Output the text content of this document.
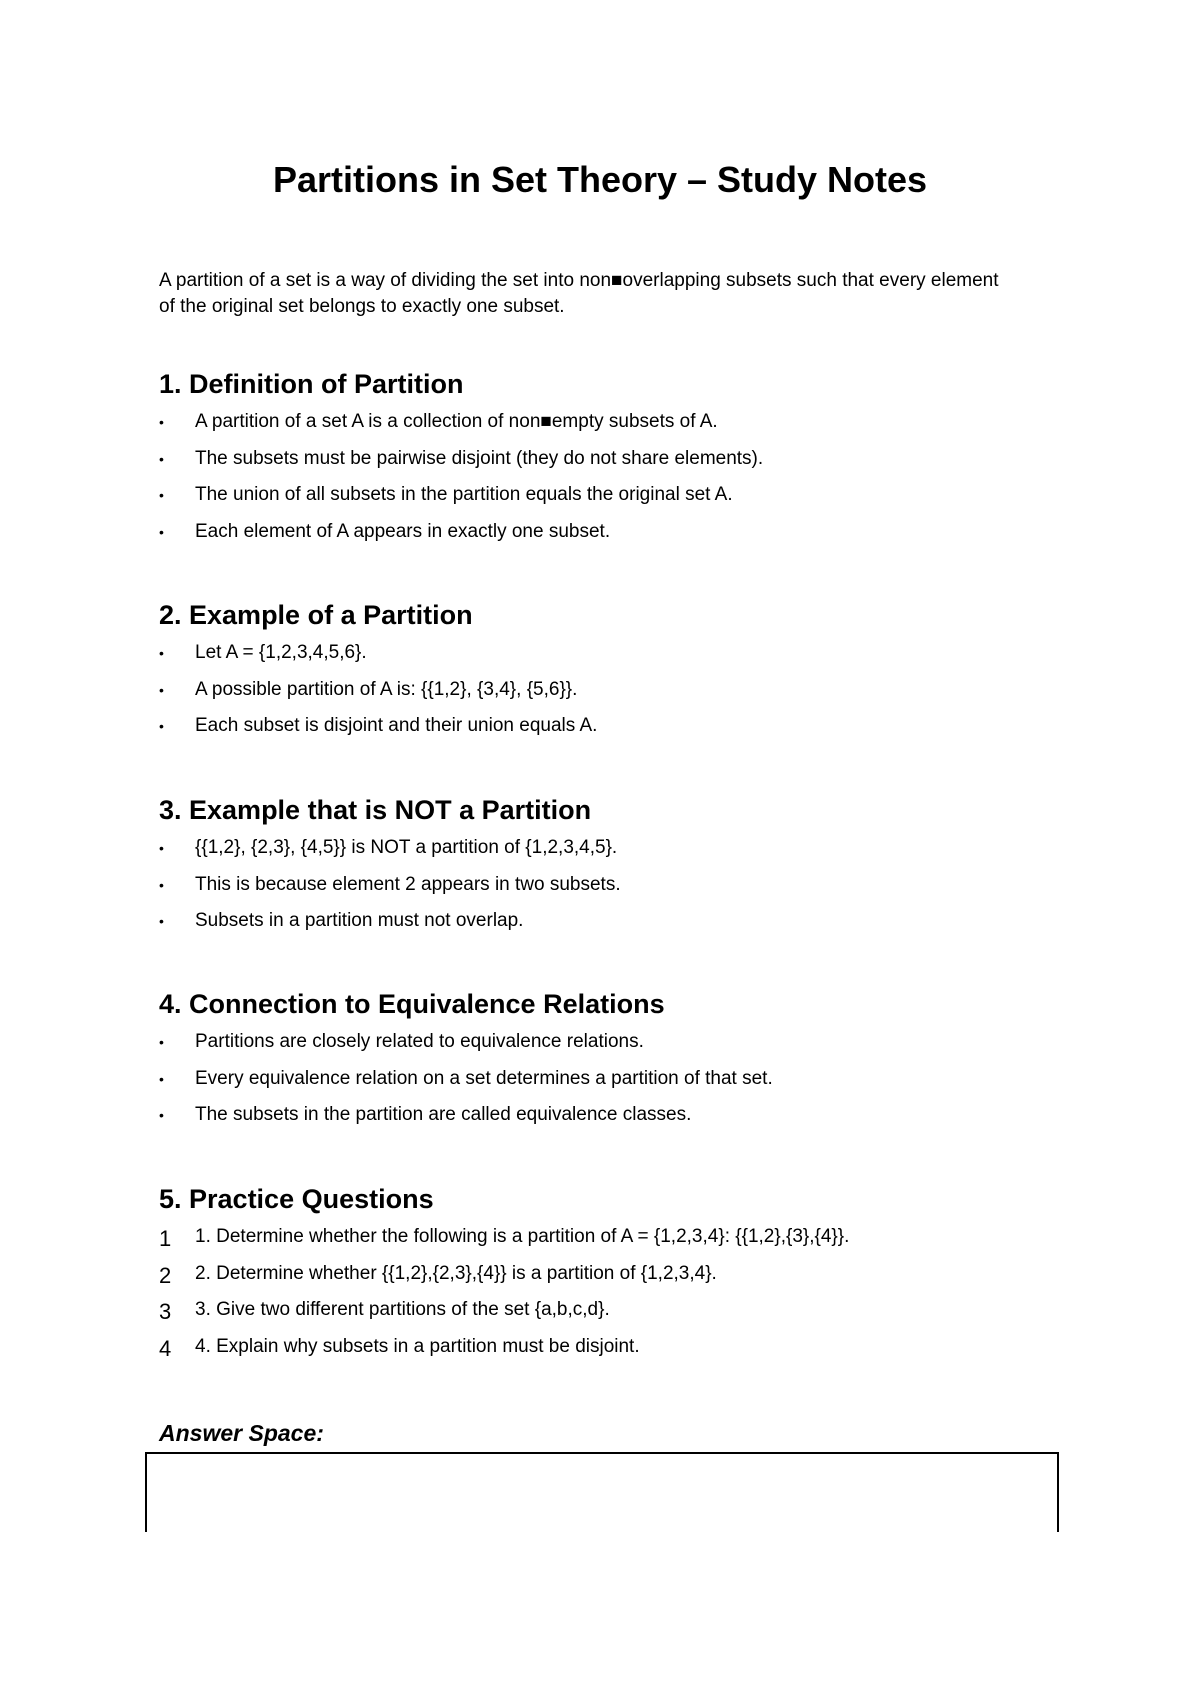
Partitions in Set Theory – Study Notes

A partition of a set is a way of dividing the set into non■overlapping subsets such that every element of the original set belongs to exactly one subset.

1. Definition of Partition
•	A partition of a set A is a collection of non■empty subsets of A.
•	The subsets must be pairwise disjoint (they do not share elements).
•	The union of all subsets in the partition equals the original set A.
•	Each element of A appears in exactly one subset.
2. Example of a Partition
•	Let A = {1,2,3,4,5,6}.
•	A possible partition of A is: {{1,2}, {3,4}, {5,6}}.
•	Each subset is disjoint and their union equals A.
3. Example that is NOT a Partition
•	{{1,2}, {2,3}, {4,5}} is NOT a partition of {1,2,3,4,5}.
•	This is because element 2 appears in two subsets.
•	Subsets in a partition must not overlap.
4. Connection to Equivalence Relations
•	Partitions are closely related to equivalence relations.
•	Every equivalence relation on a set determines a partition of that set.
•	The subsets in the partition are called equivalence classes.
5. Practice Questions
1	1. Determine whether the following is a partition of A = {1,2,3,4}: {{1,2},{3},{4}}.
2	2. Determine whether {{1,2},{2,3},{4}} is a partition of {1,2,3,4}.
3	3. Give two different partitions of the set {a,b,c,d}.
4	4. Explain why subsets in a partition must be disjoint.

Answer Space:
